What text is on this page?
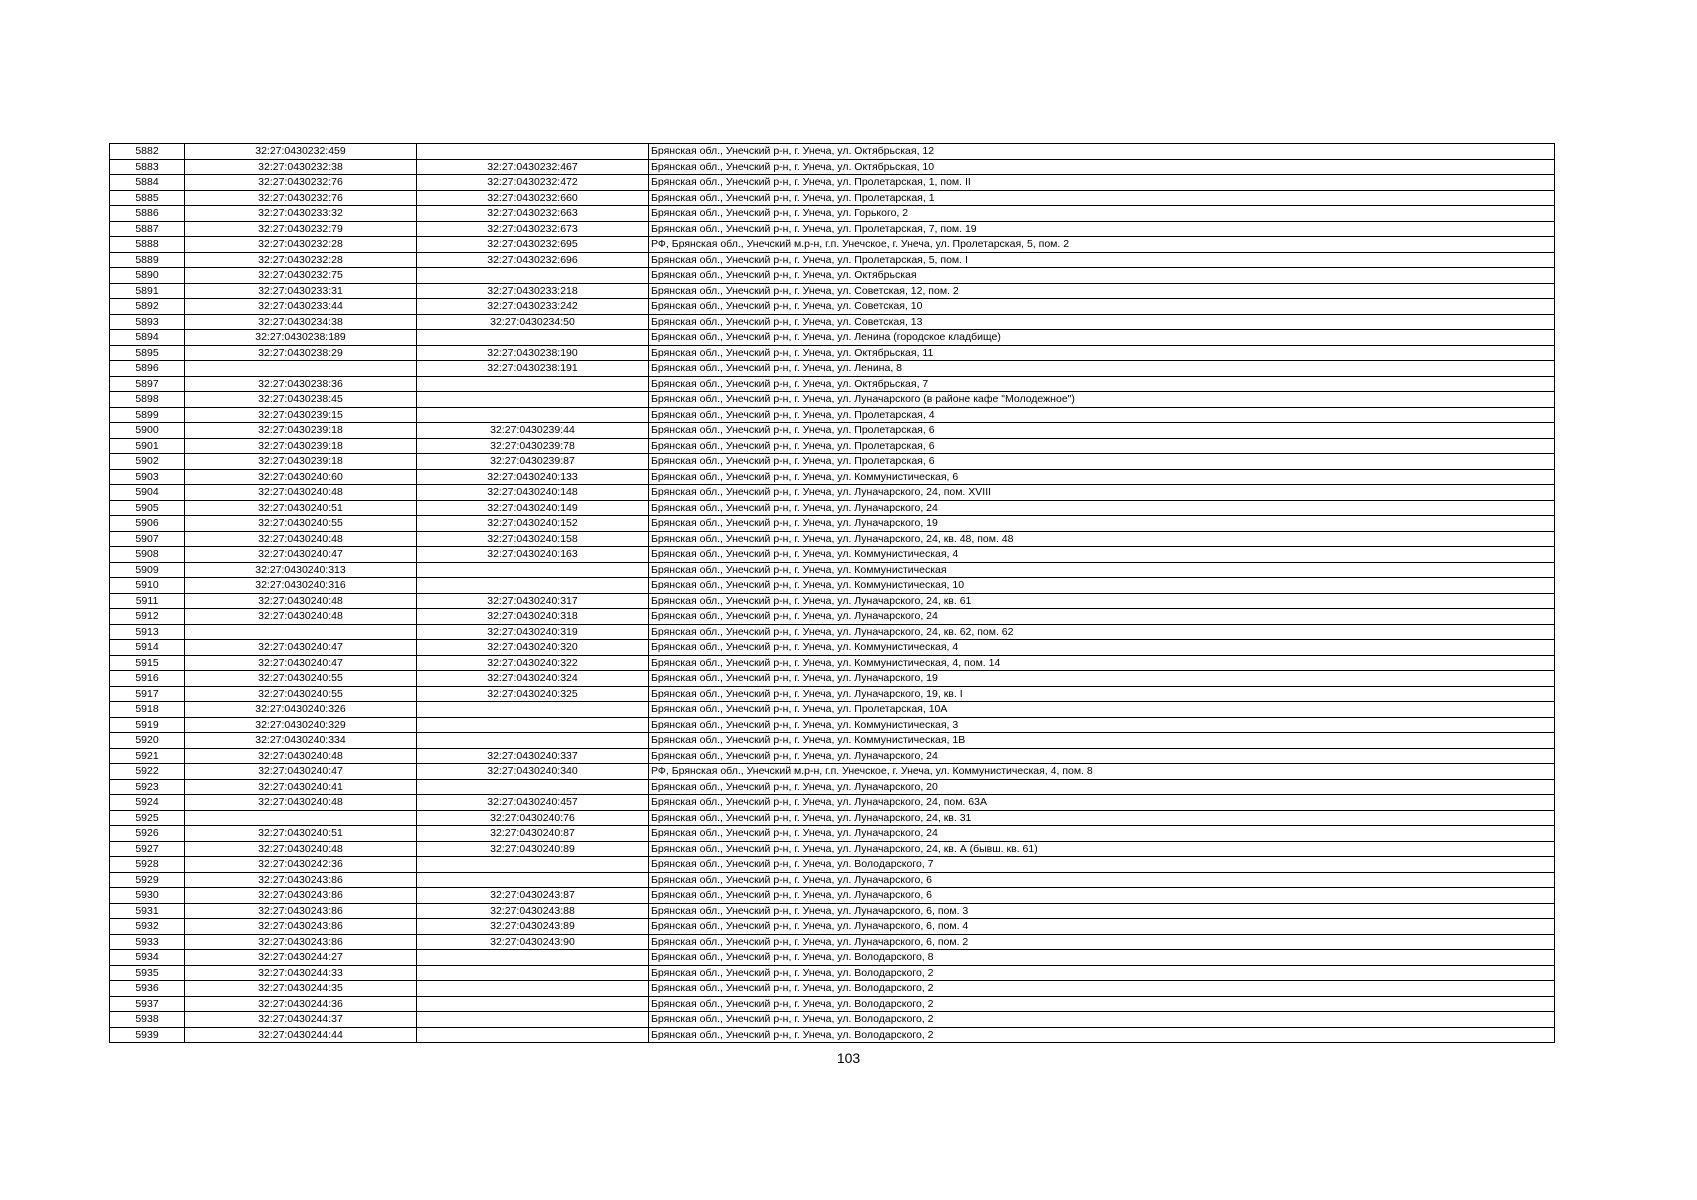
5882	32:27:0430232:459		Брянская обл., Унечский р-н, г. Унеча, ул. Октябрьская, 12
5883	32:27:0430232:38	32:27:0430232:467	Брянская обл., Унечский р-н, г. Унеча, ул. Октябрьская, 10
5884	32:27:0430232:76	32:27:0430232:472	Брянская обл., Унечский р-н, г. Унеча, ул. Пролетарская, 1, пом. II
5885	32:27:0430232:76	32:27:0430232:660	Брянская обл., Унечский р-н, г. Унеча, ул. Пролетарская, 1
5886	32:27:0430233:32	32:27:0430232:663	Брянская обл., Унечский р-н, г. Унеча, ул. Горького, 2
5887	32:27:0430232:79	32:27:0430232:673	Брянская обл., Унечский р-н, г. Унеча, ул. Пролетарская, 7, пом. 19
5888	32:27:0430232:28	32:27:0430232:695	РФ, Брянская обл., Унечский м.р-н, г.п. Унечское, г. Унеча, ул. Пролетарская, 5, пом. 2
5889	32:27:0430232:28	32:27:0430232:696	Брянская обл., Унечский р-н, г. Унеча, ул. Пролетарская, 5, пом. I
5890	32:27:0430232:75		Брянская обл., Унечский р-н, г. Унеча, ул. Октябрьская
5891	32:27:0430233:31	32:27:0430233:218	Брянская обл., Унечский р-н, г. Унеча, ул. Советская, 12, пом. 2
5892	32:27:0430233:44	32:27:0430233:242	Брянская обл., Унечский р-н, г. Унеча, ул. Советская, 10
5893	32:27:0430234:38	32:27:0430234:50	Брянская обл., Унечский р-н, г. Унеча, ул. Советская, 13
5894	32:27:0430238:189		Брянская обл., Унечский р-н, г. Унеча, ул. Ленина (городское кладбище)
5895	32:27:0430238:29	32:27:0430238:190	Брянская обл., Унечский р-н, г. Унеча, ул. Октябрьская, 11
5896		32:27:0430238:191	Брянская обл., Унечский р-н, г. Унеча, ул. Ленина, 8
5897	32:27:0430238:36		Брянская обл., Унечский р-н, г. Унеча, ул. Октябрьская, 7
5898	32:27:0430238:45		Брянская обл., Унечский р-н, г. Унеча, ул. Луначарского (в районе кафе "Молодежное")
5899	32:27:0430239:15		Брянская обл., Унечский р-н, г. Унеча, ул. Пролетарская, 4
5900	32:27:0430239:18	32:27:0430239:44	Брянская обл., Унечский р-н, г. Унеча, ул. Пролетарская, 6
5901	32:27:0430239:18	32:27:0430239:78	Брянская обл., Унечский р-н, г. Унеча, ул. Пролетарская, 6
5902	32:27:0430239:18	32:27:0430239:87	Брянская обл., Унечский р-н, г. Унеча, ул. Пролетарская, 6
5903	32:27:0430240:60	32:27:0430240:133	Брянская обл., Унечский р-н, г. Унеча, ул. Коммунистическая, 6
5904	32:27:0430240:48	32:27:0430240:148	Брянская обл., Унечский р-н, г. Унеча, ул. Луначарского, 24, пом. XVIII
5905	32:27:0430240:51	32:27:0430240:149	Брянская обл., Унечский р-н, г. Унеча, ул. Луначарского, 24
5906	32:27:0430240:55	32:27:0430240:152	Брянская обл., Унечский р-н, г. Унеча, ул. Луначарского, 19
5907	32:27:0430240:48	32:27:0430240:158	Брянская обл., Унечский р-н, г. Унеча, ул. Луначарского, 24, кв. 48, пом. 48
5908	32:27:0430240:47	32:27:0430240:163	Брянская обл., Унечский р-н, г. Унеча, ул. Коммунистическая, 4
5909	32:27:0430240:313		Брянская обл., Унечский р-н, г. Унеча, ул. Коммунистическая
5910	32:27:0430240:316		Брянская обл., Унечский р-н, г. Унеча, ул. Коммунистическая, 10
5911	32:27:0430240:48	32:27:0430240:317	Брянская обл., Унечский р-н, г. Унеча, ул. Луначарского, 24, кв. 61
5912	32:27:0430240:48	32:27:0430240:318	Брянская обл., Унечский р-н, г. Унеча, ул. Луначарского, 24
5913		32:27:0430240:319	Брянская обл., Унечский р-н, г. Унеча, ул. Луначарского, 24, кв. 62, пом. 62
5914	32:27:0430240:47	32:27:0430240:320	Брянская обл., Унечский р-н, г. Унеча, ул. Коммунистическая, 4
5915	32:27:0430240:47	32:27:0430240:322	Брянская обл., Унечский р-н, г. Унеча, ул. Коммунистическая, 4, пом. 14
5916	32:27:0430240:55	32:27:0430240:324	Брянская обл., Унечский р-н, г. Унеча, ул. Луначарского, 19
5917	32:27:0430240:55	32:27:0430240:325	Брянская обл., Унечский р-н, г. Унеча, ул. Луначарского, 19, кв. I
5918	32:27:0430240:326		Брянская обл., Унечский р-н, г. Унеча, ул. Пролетарская, 10А
5919	32:27:0430240:329		Брянская обл., Унечский р-н, г. Унеча, ул. Коммунистическая, 3
5920	32:27:0430240:334		Брянская обл., Унечский р-н, г. Унеча, ул. Коммунистическая, 1В
5921	32:27:0430240:48	32:27:0430240:337	Брянская обл., Унечский р-н, г. Унеча, ул. Луначарского, 24
5922	32:27:0430240:47	32:27:0430240:340	РФ, Брянская обл., Унечский м.р-н, г.п. Унечское, г. Унеча, ул. Коммунистическая, 4, пом. 8
5923	32:27:0430240:41		Брянская обл., Унечский р-н, г. Унеча, ул. Луначарского, 20
5924	32:27:0430240:48	32:27:0430240:457	Брянская обл., Унечский р-н, г. Унеча, ул. Луначарского, 24, пом. 63А
5925		32:27:0430240:76	Брянская обл., Унечский р-н, г. Унеча, ул. Луначарского, 24, кв. 31
5926	32:27:0430240:51	32:27:0430240:87	Брянская обл., Унечский р-н, г. Унеча, ул. Луначарского, 24
5927	32:27:0430240:48	32:27:0430240:89	Брянская обл., Унечский р-н, г. Унеча, ул. Луначарского, 24, кв. А (бывш. кв. 61)
5928	32:27:0430242:36		Брянская обл., Унечский р-н, г. Унеча, ул. Володарского, 7
5929	32:27:0430243:86		Брянская обл., Унечский р-н, г. Унеча, ул. Луначарского, 6
5930	32:27:0430243:86	32:27:0430243:87	Брянская обл., Унечский р-н, г. Унеча, ул. Луначарского, 6
5931	32:27:0430243:86	32:27:0430243:88	Брянская обл., Унечский р-н, г. Унеча, ул. Луначарского, 6, пом. 3
5932	32:27:0430243:86	32:27:0430243:89	Брянская обл., Унечский р-н, г. Унеча, ул. Луначарского, 6, пом. 4
5933	32:27:0430243:86	32:27:0430243:90	Брянская обл., Унечский р-н, г. Унеча, ул. Луначарского, 6, пом. 2
5934	32:27:0430244:27		Брянская обл., Унечский р-н, г. Унеча, ул. Володарского, 8
5935	32:27:0430244:33		Брянская обл., Унечский р-н, г. Унеча, ул. Володарского, 2
5936	32:27:0430244:35		Брянская обл., Унечский р-н, г. Унеча, ул. Володарского, 2
5937	32:27:0430244:36		Брянская обл., Унечский р-н, г. Унеча, ул. Володарского, 2
5938	32:27:0430244:37		Брянская обл., Унечский р-н, г. Унеча, ул. Володарского, 2
5939	32:27:0430244:44		Брянская обл., Унечский р-н, г. Унеча, ул. Володарского, 2
103
